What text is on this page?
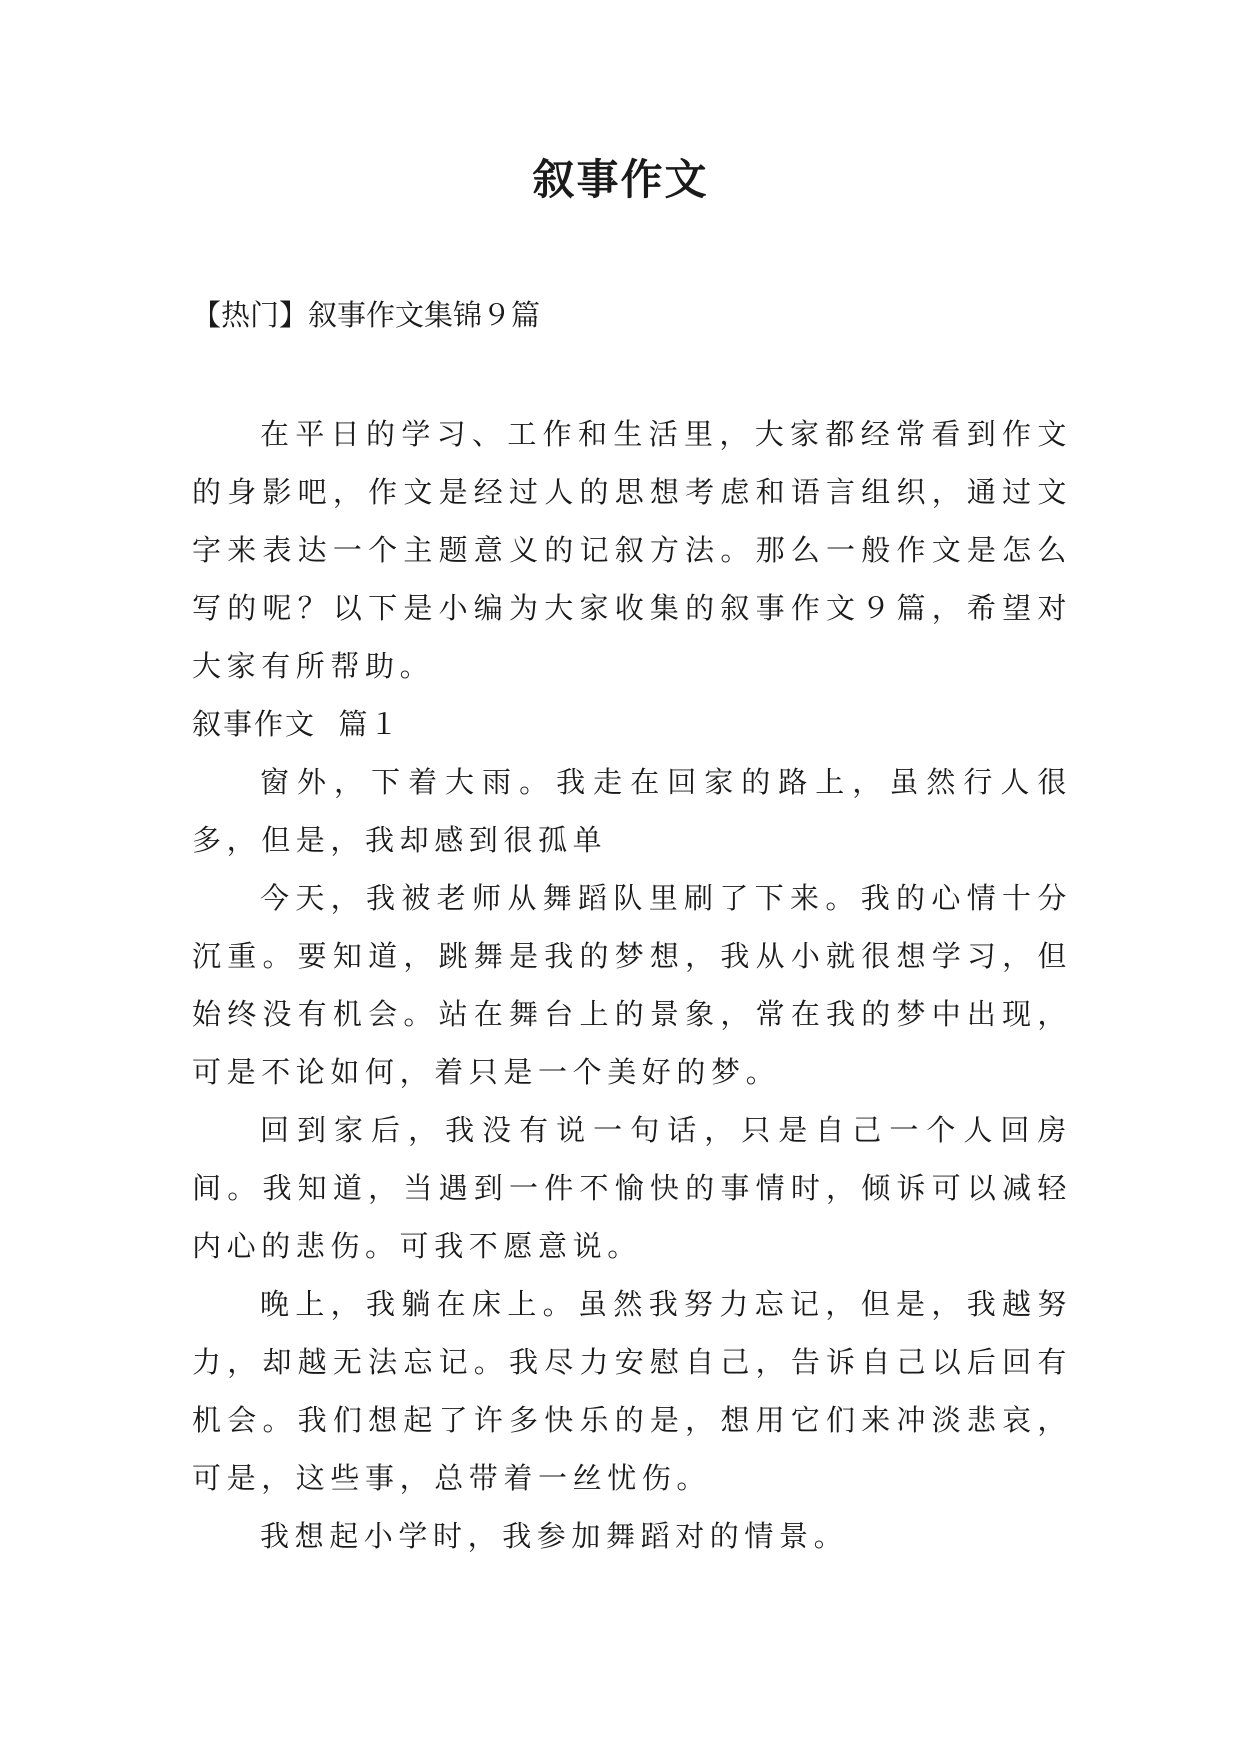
叙事作文

【热门】叙事作文集锦９篇

在平日的学习、工作和生活里，大家都经常看到作文的身影吧，作文是经过人的思想考虑和语言组织，通过文字来表达一个主题意义的记叙方法。那么一般作文是怎么写的呢？以下是小编为大家收集的叙事作文９篇，希望对大家有所帮助。

叙事作文  篇１

窗外，下着大雨。我走在回家的路上，虽然行人很多，但是，我却感到很孤单

今天，我被老师从舞蹈队里刷了下来。我的心情十分沉重。要知道，跳舞是我的梦想，我从小就很想学习，但始终没有机会。站在舞台上的景象，常在我的梦中出现，可是不论如何，着只是一个美好的梦。

回到家后，我没有说一句话，只是自己一个人回房间。我知道，当遇到一件不愉快的事情时，倾诉可以减轻内心的悲伤。可我不愿意说。

晚上，我躺在床上。虽然我努力忘记，但是，我越努力，却越无法忘记。我尽力安慰自己，告诉自己以后回有机会。我们想起了许多快乐的是，想用它们来冲淡悲哀，可是，这些事，总带着一丝忧伤。

我想起小学时，我参加舞蹈对的情景。
